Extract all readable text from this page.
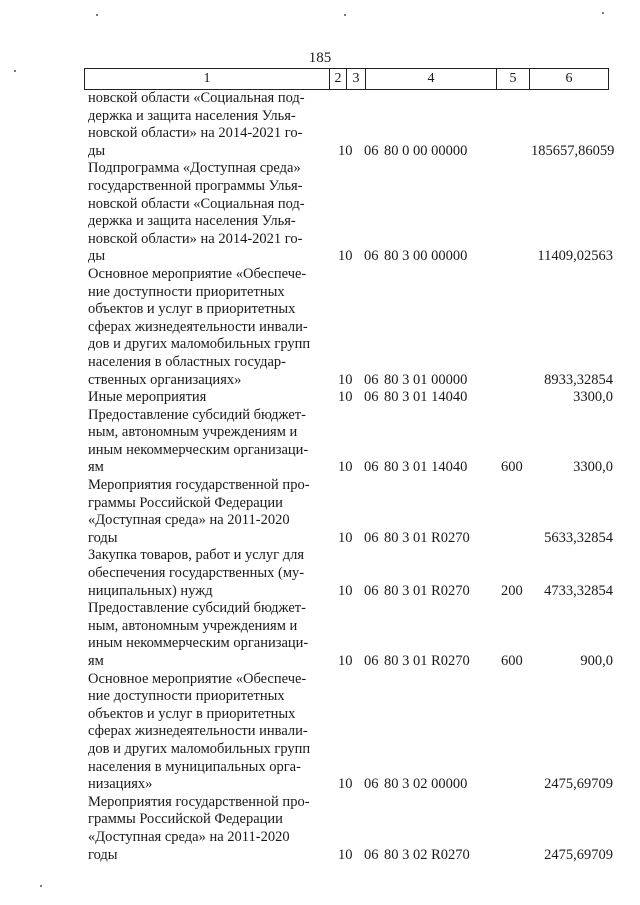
185
1	2 3	4	5	6
новской области «Социальная под-
держка и защита населения Улья-
новской области» на 2014-2021 го-
ды	10 06 80 0 00 00000	185657,86059
Подпрограмма «Доступная среда»
государственной программы Улья-
новской области «Социальная под-
держка и защита населения Улья-
новской области» на 2014-2021 го-
ды	10 06 80 3 00 00000	11409,02563
Основное мероприятие «Обеспече-
ние доступности приоритетных
объектов и услуг в приоритетных
сферах жизнедеятельности инвали-
дов и других маломобильных групп
населения в областных государ-
ственных организациях»	10 06 80 3 01 00000	8933,32854
Иные мероприятия	10 06 80 3 01 14040	3300,0
Предоставление субсидий бюджет-
ным, автономным учреждениям и
иным некоммерческим организаци-
ям	10 06 80 3 01 14040	600	3300,0
Мероприятия государственной про-
граммы Российской Федерации
«Доступная среда» на 2011-2020
годы	10 06 80 3 01 R0270	5633,32854
Закупка товаров, работ и услуг для
обеспечения государственных (му-
ниципальных) нужд	10 06 80 3 01 R0270	200	4733,32854
Предоставление субсидий бюджет-
ным, автономным учреждениям и
иным некоммерческим организаци-
ям	10 06 80 3 01 R0270	600	900,0
Основное мероприятие «Обеспече-
ние доступности приоритетных
объектов и услуг в приоритетных
сферах жизнедеятельности инвали-
дов и других маломобильных групп
населения в муниципальных орга-
низациях»	10 06 80 3 02 00000	2475,69709
Мероприятия государственной про-
граммы Российской Федерации
«Доступная среда» на 2011-2020
годы	10 06 80 3 02 R0270	2475,69709
